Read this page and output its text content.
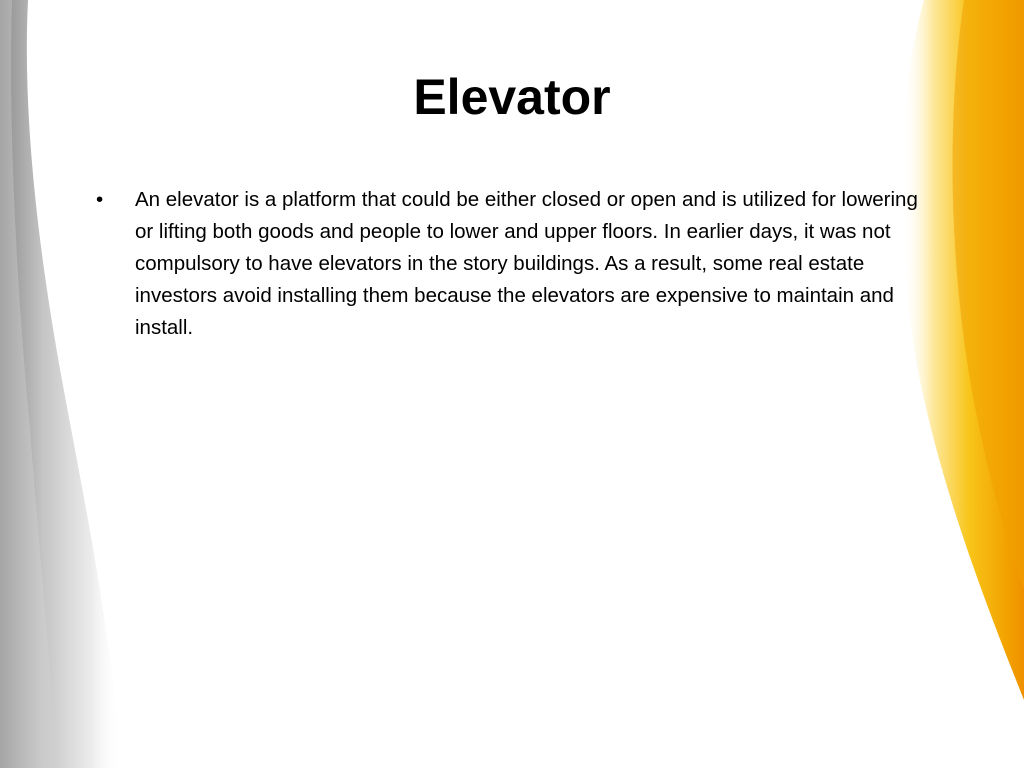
Elevator
• An elevator is a platform that could be either closed or open and is utilized for lowering or lifting both goods and people to lower and upper floors. In earlier days, it was not compulsory to have elevators in the story buildings. As a result, some real estate investors avoid installing them because the elevators are expensive to maintain and install.
